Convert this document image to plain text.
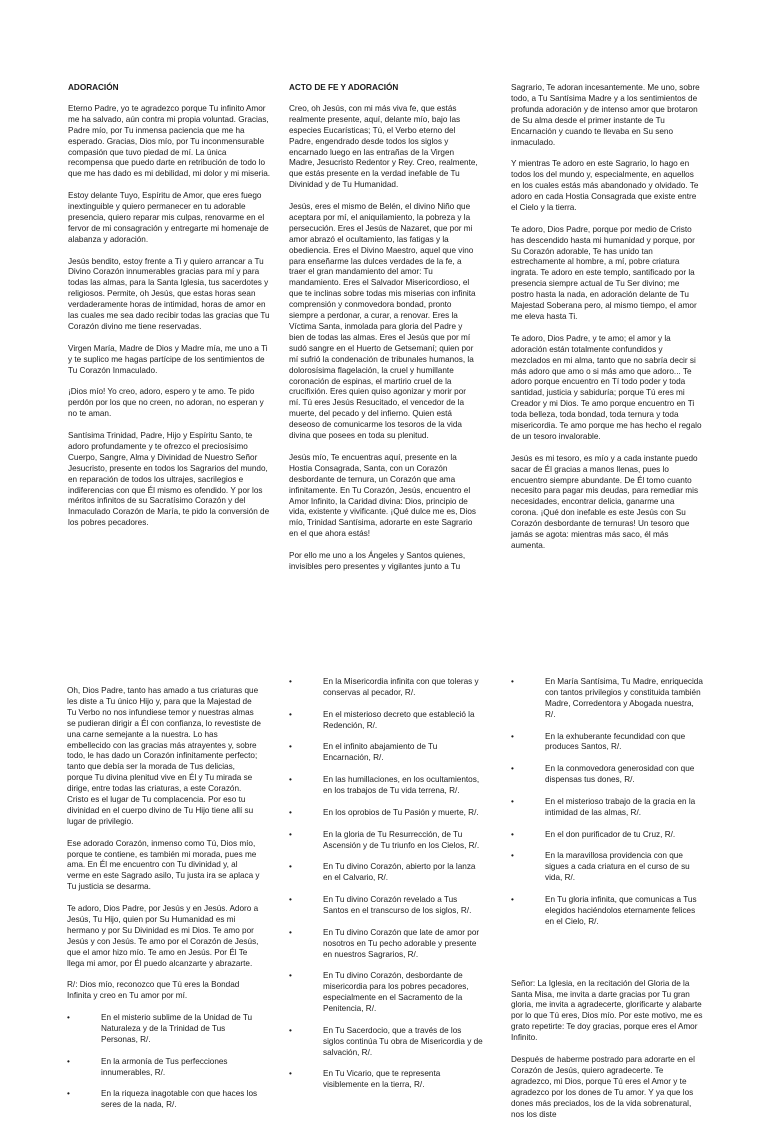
ADORACIÓN

Eterno Padre, yo te agradezco porque Tu infinito Amor me ha salvado, aún contra mi propia voluntad. Gracias, Padre mío, por Tu inmensa paciencia que me ha esperado. Gracias, Dios mío, por Tu inconmensurable compasión que tuvo piedad de mí. La única recompensa que puedo darte en retribución de todo lo que me has dado es mi debilidad, mi dolor y mi miseria.

Estoy delante Tuyo, Espíritu de Amor, que eres fuego inextinguible y quiero permanecer en tu adorable presencia, quiero reparar mis culpas, renovarme en el fervor de mi consagración y entregarte mi homenaje de alabanza y adoración.

Jesús bendito, estoy frente a Ti y quiero arrancar a Tu Divino Corazón innumerables gracias para mí y para todas las almas, para la Santa Iglesia, tus sacerdotes y religiosos. Permite, oh Jesús, que estas horas sean verdaderamente horas de intimidad, horas de amor en las cuales me sea dado recibir todas las gracias que Tu Corazón divino me tiene reservadas.

Virgen María, Madre de Dios y Madre mía, me uno a Ti y te suplico me hagas partícipe de los sentimientos de Tu Corazón Inmaculado.

¡Dios mío! Yo creo, adoro, espero y te amo. Te pido perdón por los que no creen, no adoran, no esperan y no te aman.

Santísima Trinidad, Padre, Hijo y Espíritu Santo, te adoro profundamente y te ofrezco el preciosísimo Cuerpo, Sangre, Alma y Divinidad de Nuestro Señor Jesucristo, presente en todos los Sagrarios del mundo, en reparación de todos los ultrajes, sacrilegios e indiferencias con que Él mismo es ofendido. Y por los méritos infinitos de su Sacratísimo Corazón y del Inmaculado Corazón de María, te pido la conversión de los pobres pecadores.

ACTO DE FE Y ADORACIÓN

Creo, oh Jesús, con mi más viva fe, que estás realmente presente, aquí, delante mío, bajo las especies Eucarísticas; Tú, el Verbo eterno del Padre, engendrado desde todos los siglos y encarnado luego en las entrañas de la Virgen Madre, Jesucristo Redentor y Rey. Creo, realmente, que estás presente en la verdad inefable de Tu Divinidad y de Tu Humanidad.

Jesús, eres el mismo de Belén, el divino Niño que aceptara por mí, el aniquilamiento, la pobreza y la persecución. Eres el Jesús de Nazaret, que por mi amor abrazó el ocultamiento, las fatigas y la obediencia. Eres el Divino Maestro, aquel que vino para enseñarme las dulces verdades de la fe, a traer el gran mandamiento del amor: Tu mandamiento. Eres el Salvador Misericordioso, el que te inclinas sobre todas mis miserias con infinita comprensión y conmovedora bondad, pronto siempre a perdonar, a curar, a renovar. Eres la Víctima Santa, inmolada para gloria del Padre y bien de todas las almas. Eres el Jesús que por mí sudó sangre en el Huerto de Getsemaní; quien por mí sufrió la condenación de tribunales humanos, la dolorosísima flagelación, la cruel y humillante coronación de espinas, el martirio cruel de la crucifixión. Eres quien quiso agonizar y morir por mí. Tú eres Jesús Resucitado, el vencedor de la muerte, del pecado y del infierno. Quien está deseoso de comunicarme los tesoros de la vida divina que posees en toda su plenitud.

Jesús mío, Te encuentras aquí, presente en la Hostia Consagrada, Santa, con un Corazón desbordante de ternura, un Corazón que ama infinitamente. En Tu Corazón, Jesús, encuentro el Amor Infinito, la Caridad divina: Dios, principio de vida, existente y vivificante. ¡Qué dulce me es, Dios mío, Trinidad Santísima, adorarte en este Sagrario en el que ahora estás!

Por ello me uno a los Ángeles y Santos quienes, invisibles pero presentes y vigilantes junto a Tu

Sagrario, Te adoran incesantemente. Me uno, sobre todo, a Tu Santísima Madre y a los sentimientos de profunda adoración y de intenso amor que brotaron de Su alma desde el primer instante de Tu Encarnación y cuando te llevaba en Su seno inmaculado.

Y mientras Te adoro en este Sagrario, lo hago en todos los del mundo y, especialmente, en aquellos en los cuales estás más abandonado y olvidado. Te adoro en cada Hostia Consagrada que existe entre el Cielo y la tierra.

Te adoro, Dios Padre, porque por medio de Cristo has descendido hasta mi humanidad y porque, por Su Corazón adorable, Te has unido tan estrechamente al hombre, a mí, pobre criatura ingrata. Te adoro en este templo, santificado por la presencia siempre actual de Tu Ser divino; me postro hasta la nada, en adoración delante de Tu Majestad Soberana pero, al mismo tiempo, el amor me eleva hasta Ti.

Te adoro, Dios Padre, y te amo; el amor y la adoración están totalmente confundidos y mezclados en mi alma, tanto que no sabría decir si más adoro que amo o si más amo que adoro... Te adoro porque encuentro en Tí todo poder y toda santidad, justicia y sabiduría; porque Tú eres mi Creador y mi Dios. Te amo porque encuentro en Ti toda belleza, toda bondad, toda ternura y toda misericordia. Te amo porque me has hecho el regalo de un tesoro invalorable.

Jesús es mi tesoro, es mío y a cada instante puedo sacar de Él gracias a manos llenas, pues lo encuentro siempre abundante. De Él tomo cuanto necesito para pagar mis deudas, para remediar mis necesidades, encontrar delicia, ganarme una corona. ¡Qué don inefable es este Jesús con Su Corazón desbordante de ternuras! Un tesoro que jamás se agota: mientras más saco, él más aumenta.

Oh, Dios Padre, tanto has amado a tus criaturas que les diste a Tu único Hijo y, para que la Majestad de Tu Verbo no nos infundiese temor y nuestras almas se pudieran dirigir a Él con confianza, lo revestiste de una carne semejante a la nuestra. Lo has embellecido con las gracias más atrayentes y, sobre todo, le has dado un Corazón infinitamente perfecto; tanto que debía ser la morada de Tus delicias, porque Tu divina plenitud vive en Él y Tu mirada se dirige, entre todas las criaturas, a este Corazón. Cristo es el lugar de Tu complacencia. Por eso tu divinidad en el cuerpo divino de Tu Hijo tiene allí su lugar de privilegio.

Ese adorado Corazón, inmenso como Tú, Dios mío, porque te contiene, es también mi morada, pues me ama. En Él me encuentro con Tu divinidad y, al verme en este Sagrado asilo, Tu justa ira se aplaca y Tu justicia se desarma.

Te adoro, Dios Padre, por Jesús y en Jesús. Adoro a Jesús, Tu Hijo, quien por Su Humanidad es mi hermano y por Su Divinidad es mi Dios. Te amo por Jesús y con Jesús. Te amo por el Corazón de Jesús, que el amor hizo mío. Te amo en Jesús. Por Él Te llega mi amor, por Él puedo alcanzarte y abrazarte.

R/: Dios mío, reconozco que Tú eres la Bondad Infinita y creo en Tu amor por mí.

•	En el misterio sublime de la Unidad de Tu Naturaleza y de la Trinidad de Tus Personas, R/.
•	En la armonía de Tus perfecciones innumerables, R/.
•	En la riqueza inagotable con que haces los seres de la nada, R/.
•	En la Misericordia infinita con que toleras y conservas al pecador, R/.
•	En el misterioso decreto que estableció la Redención, R/.
•	En el infinito abajamiento de Tu Encarnación, R/.
•	En las humillaciones, en los ocultamientos, en los trabajos de Tu vida terrena, R/.
•	En los oprobios de Tu Pasión y muerte, R/.
•	En la gloria de Tu Resurrección, de Tu Ascensión y de Tu triunfo en los Cielos, R/.
•	En Tu divino Corazón, abierto por la lanza en el Calvario, R/.
•	En Tu divino Corazón revelado a Tus Santos en el transcurso de los siglos, R/.
•	En Tu divino Corazón que late de amor por nosotros en Tu pecho adorable y presente en nuestros Sagrarios, R/.
•	En Tu divino Corazón, desbordante de misericordia para los pobres pecadores, especialmente en el Sacramento de la Penitencia, R/.
•	En Tu Sacerdocio, que a través de los siglos continúa Tu obra de Misericordia y de salvación, R/.
•	En Tu Vicario, que te representa visiblemente en la tierra, R/.
•	En María Santísima, Tu Madre, enriquecida con tantos privilegios y constituida también Madre, Corredentora y Abogada nuestra, R/.
•	En la exhuberante fecundidad con que produces Santos, R/.
•	En la conmovedora generosidad con que dispensas tus dones, R/.
•	En el misterioso trabajo de la gracia en la intimidad de las almas, R/.
•	En el don purificador de tu Cruz, R/.
•	En la maravillosa providencia con que sigues a cada criatura en el curso de su vida, R/.
•	En Tu gloria infinita, que comunicas a Tus elegidos haciéndolos eternamente felices en el Cielo, R/.

Señor: La Iglesia, en la recitación del Gloria de la Santa Misa, me invita a darte gracias por Tu gran gloria, me invita a agradecerte, glorificarte y alabarte por lo que Tú eres, Dios mío. Por este motivo, me es grato repetirte: Te doy gracias, porque eres el Amor Infinito.

Después de haberme postrado para adorarte en el Corazón de Jesús, quiero agradecerte. Te agradezco, mi Dios, porque Tú eres el Amor y te agradezco por los dones de Tu amor. Y ya que los dones más preciados, los de la vida sobrenatural, nos los diste
